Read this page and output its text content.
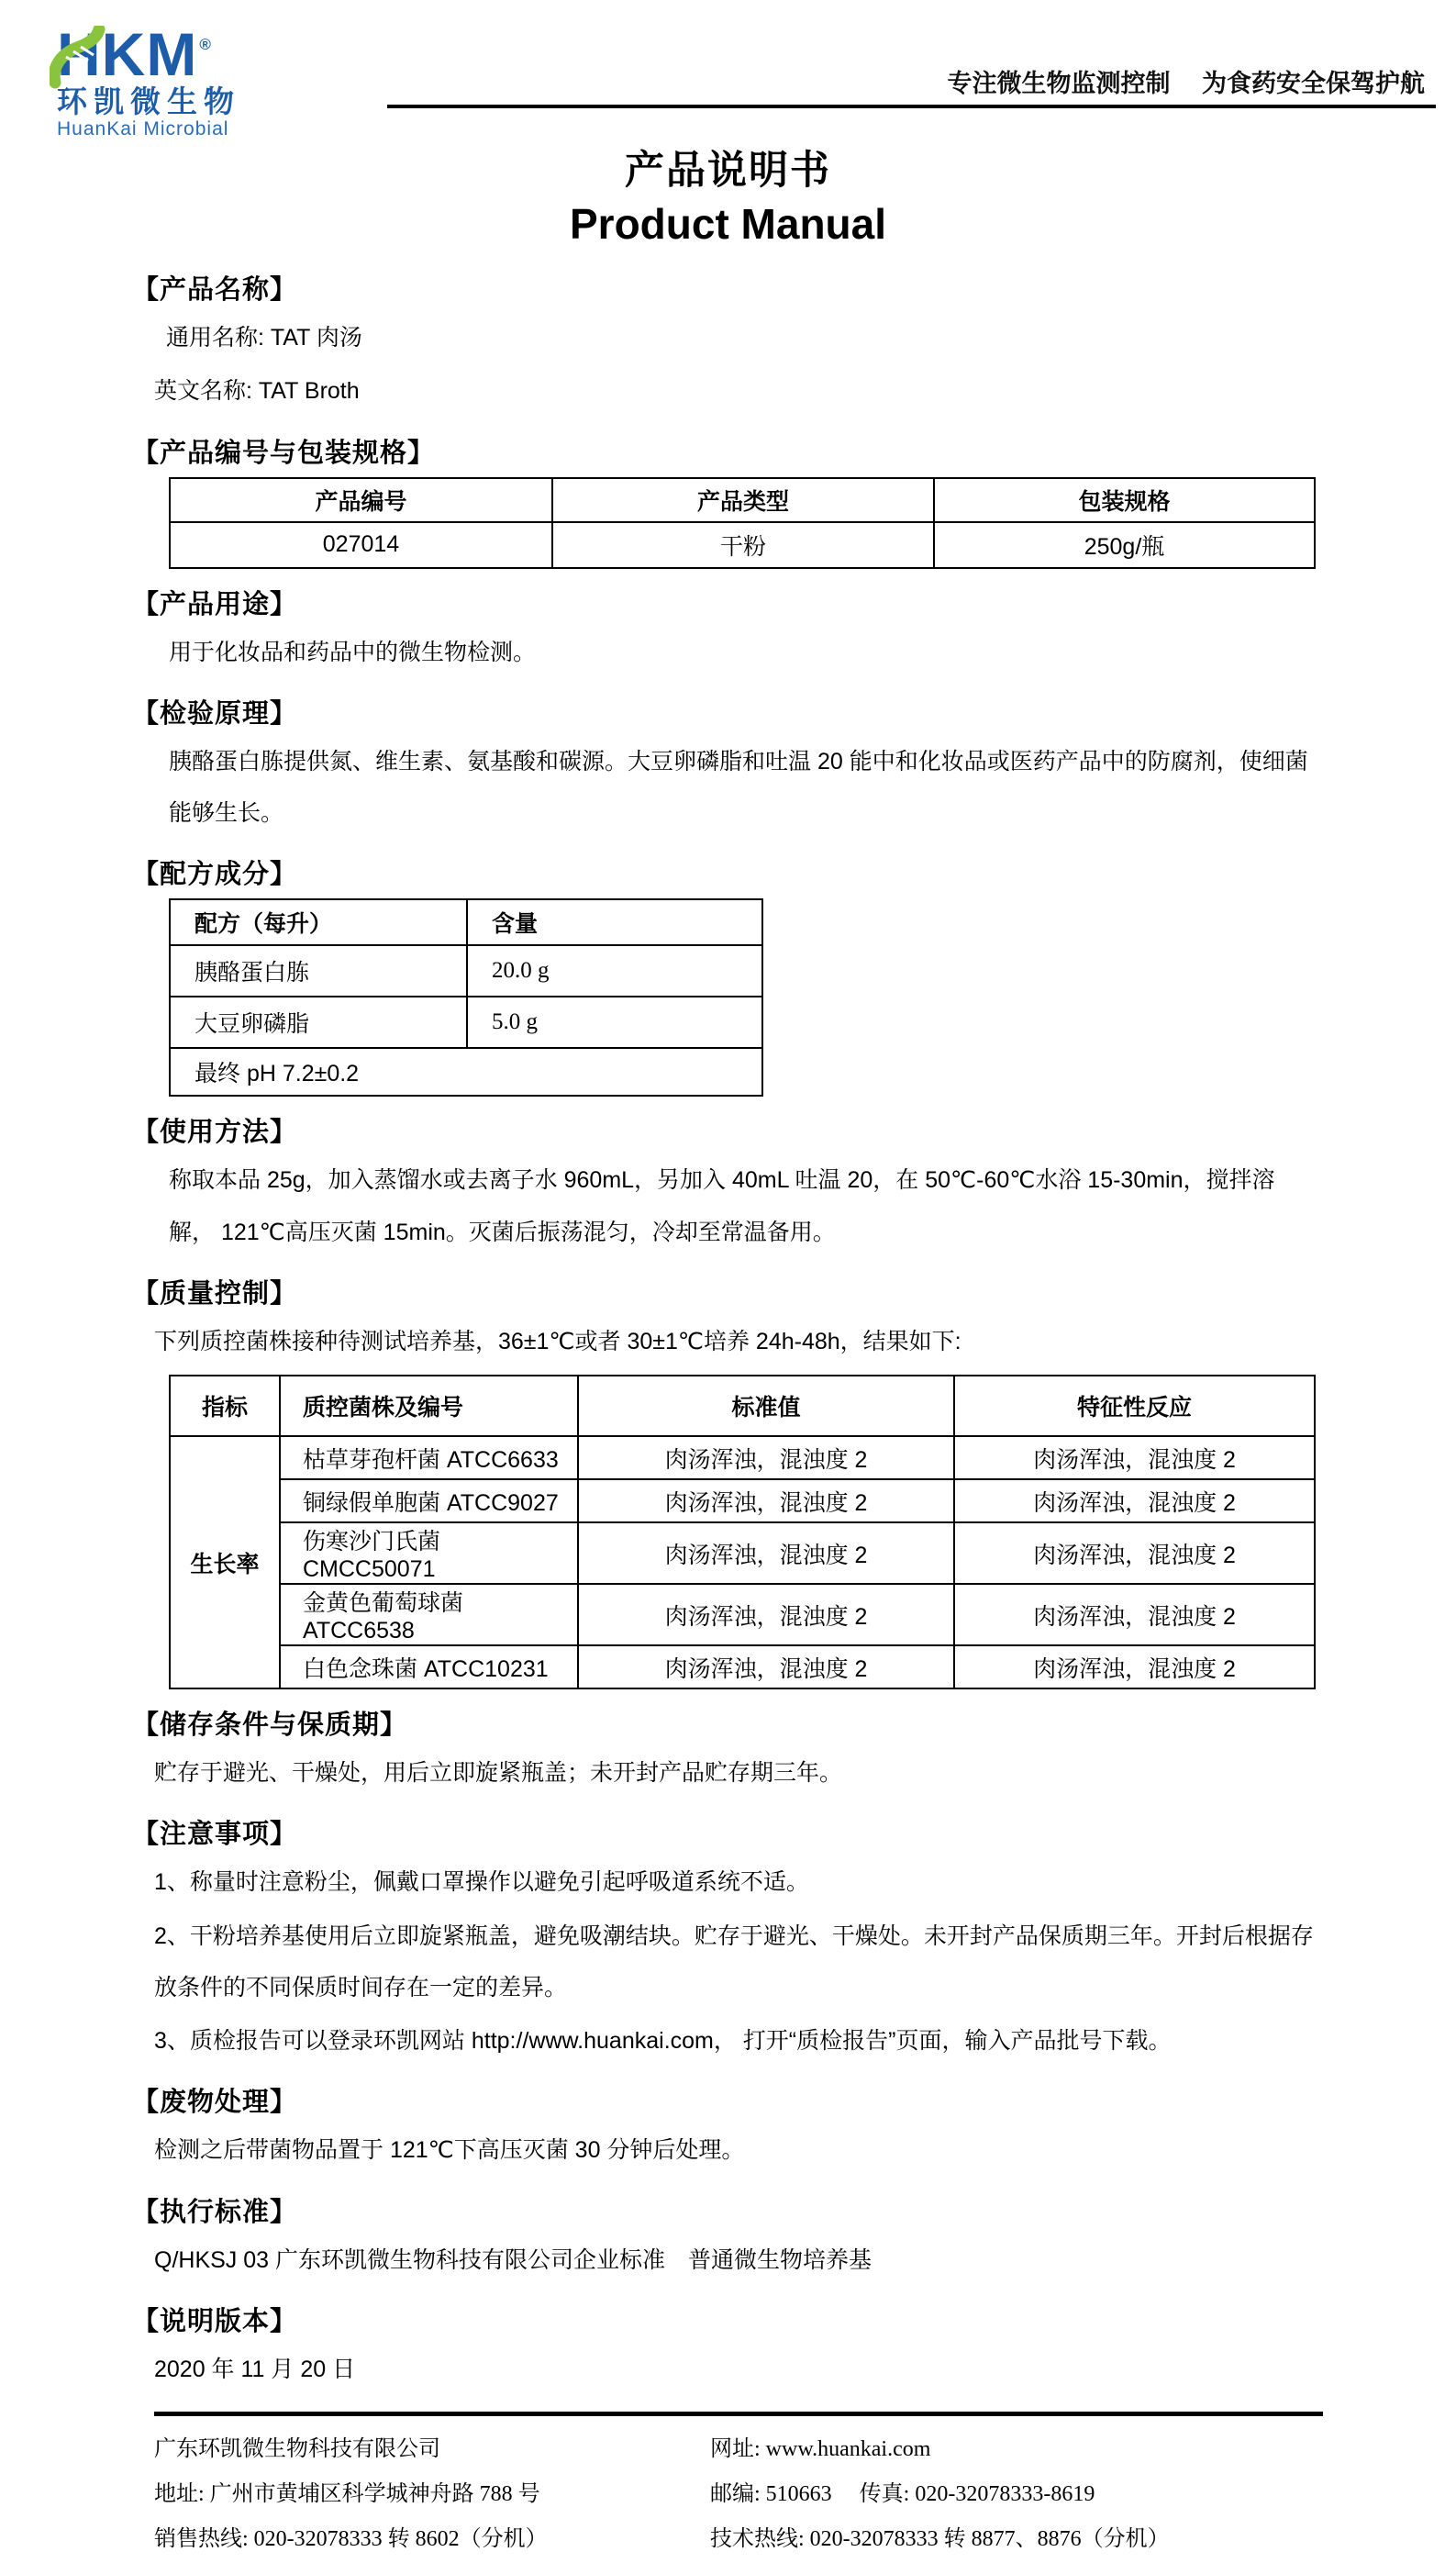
HKM ®
环凯微生物
HuanKai Microbial
专注微生物监测控制　 为食药安全保驾护航
产品说明书
Product Manual
【产品名称】

通用名称: TAT 肉汤

英文名称: TAT Broth

【产品编号与包装规格】
产品编号	产品类型	包装规格
027014	干粉	250g/瓶
【产品用途】

用于化妆品和药品中的微生物检测。

【检验原理】

胰酪蛋白胨提供氮、维生素、氨基酸和碳源。大豆卵磷脂和吐温 20 能中和化妆品或医药产品中的防腐剂，使细菌能够生长。

【配方成分】
配方（每升）	含量
胰酪蛋白胨	20.0 g
大豆卵磷脂	5.0 g
最终 pH 7.2±0.2	
【使用方法】

称取本品 25g，加入蒸馏水或去离子水 960mL，另加入 40mL 吐温 20，在 50℃-60℃水浴 15-30min，搅拌溶解， 121℃高压灭菌 15min。灭菌后振荡混匀，冷却至常温备用。

【质量控制】

下列质控菌株接种待测试培养基，36±1℃或者 30±1℃培养 24h-48h，结果如下:

指标	质控菌株及编号	标准值	特征性反应
生长率	枯草芽孢杆菌 ATCC6633	肉汤浑浊，混浊度 2	肉汤浑浊，混浊度 2
	铜绿假单胞菌 ATCC9027	肉汤浑浊，混浊度 2	肉汤浑浊，混浊度 2
	伤寒沙门氏菌 CMCC50071	肉汤浑浊，混浊度 2	肉汤浑浊，混浊度 2
	金黄色葡萄球菌 ATCC6538	肉汤浑浊，混浊度 2	肉汤浑浊，混浊度 2
	白色念珠菌 ATCC10231	肉汤浑浊，混浊度 2	肉汤浑浊，混浊度 2
【储存条件与保质期】

贮存于避光、干燥处，用后立即旋紧瓶盖；未开封产品贮存期三年。

【注意事项】

1、称量时注意粉尘，佩戴口罩操作以避免引起呼吸道系统不适。

2、干粉培养基使用后立即旋紧瓶盖，避免吸潮结块。贮存于避光、干燥处。未开封产品保质期三年。开封后根据存放条件的不同保质时间存在一定的差异。

3、质检报告可以登录环凯网站 http://www.huankai.com， 打开“质检报告”页面，输入产品批号下载。

【废物处理】

检测之后带菌物品置于 121℃下高压灭菌 30 分钟后处理。

【执行标准】

Q/HKSJ 03 广东环凯微生物科技有限公司企业标准　普通微生物培养基

【说明版本】

2020 年 11 月 20 日

广东环凯微生物科技有限公司
地址: 广州市黄埔区科学城神舟路 788 号
销售热线: 020-32078333 转 8602（分机）
网址: www.huankai.com
邮编: 510663　 传真: 020-32078333-8619
技术热线: 020-32078333 转 8877、8876（分机）
